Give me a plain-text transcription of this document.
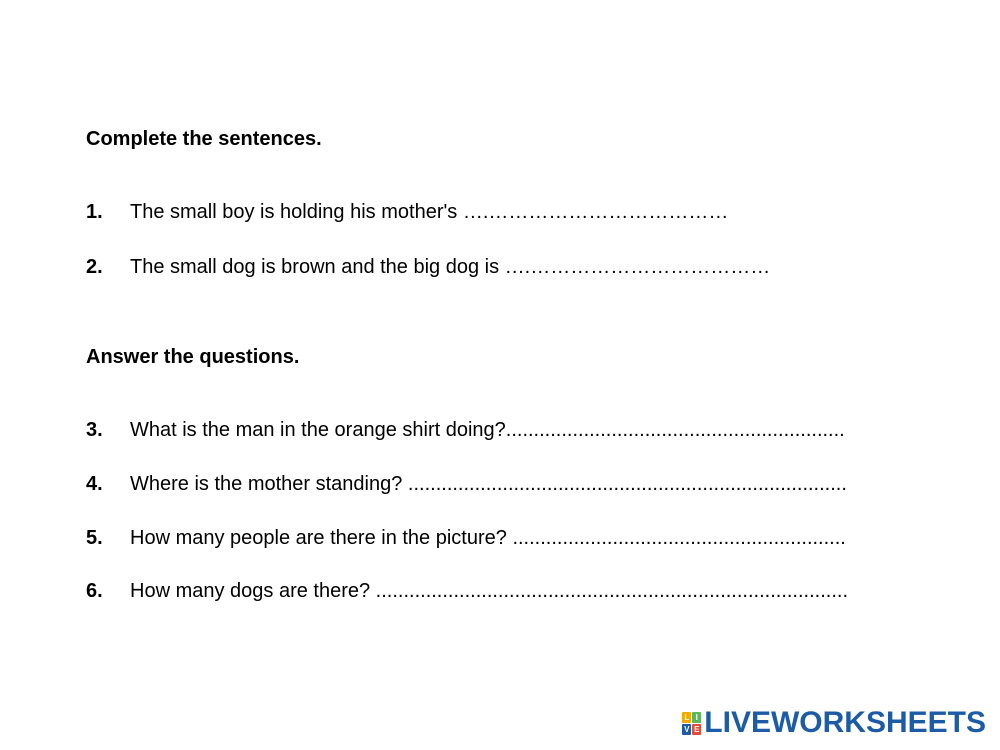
Complete the sentences.
1. The small boy is holding his mother's ….………………………………
2. The small dog is brown and the big dog is ….………………………………
Answer the questions.
3. What is the man in the orange shirt doing?.............................................................
4. Where is the mother standing? ...............................................................................
5. How many people are there in the picture? ............................................................
6. How many dogs are there? .....................................................................................
L I
V E LIVEWORKSHEETS
